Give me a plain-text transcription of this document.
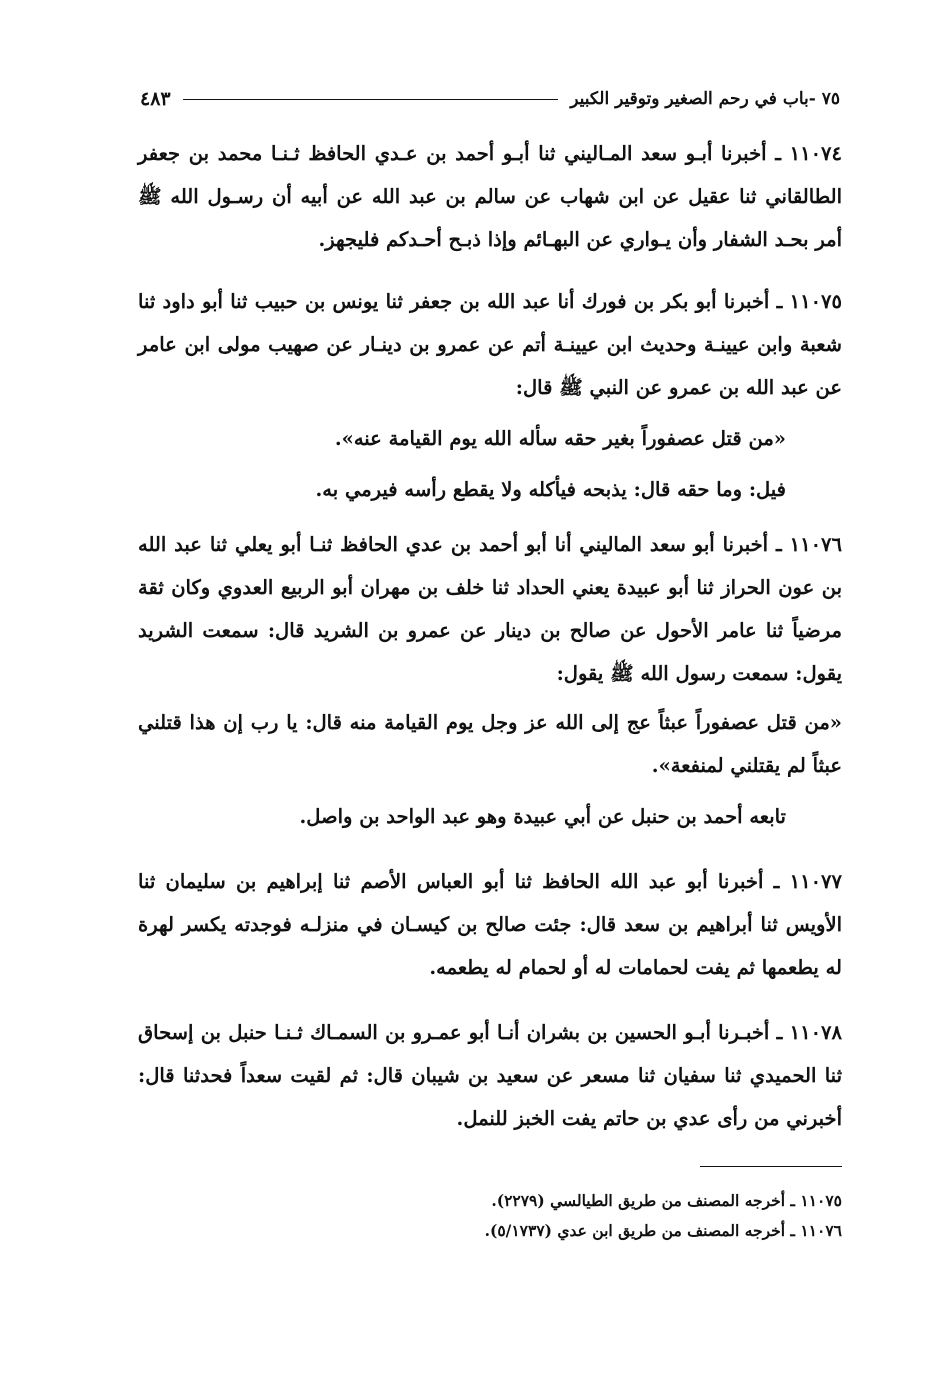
٧٥ -باب في رحم الصغير وتوقير الكبير
٤٨٣

١١٠٧٤ ـ أخبرنا أبـو سعد المـاليني ثنا أبـو أحمد بن عـدي الحافظ ثـنـا محمد بن جعفر الطالقاني ثنا عقيل عن ابن شهاب عن سالم بن عبد الله عن أبيه أن رسـول الله ﷺ أمر بحـد الشفار وأن يـواري عن البهـائم وإذا ذبـح أحـدكم فليجهز.

١١٠٧٥ ـ أخبرنا أبو بكر بن فورك أنا عبد الله بن جعفر ثنا يونس بن حبيب ثنا أبو داود ثنا شعبة وابن عيينـة وحديث ابن عيينـة أتم عن عمرو بن دينـار عن صهيب مولى ابن عامر عن عبد الله بن عمرو عن النبي ﷺ قال:

«من قتل عصفوراً بغير حقه سأله الله يوم القيامة عنه».

فيل: وما حقه قال: يذبحه فيأكله ولا يقطع رأسه فيرمي به.

١١٠٧٦ ـ أخبرنا أبو سعد الماليني أنا أبو أحمد بن عدي الحافظ ثنـا أبو يعلي ثنا عبد الله بن عون الحراز ثنا أبو عبيدة يعني الحداد ثنا خلف بن مهران أبو الربيع العدوي وكان ثقة مرضياً ثنا عامر الأحول عن صالح بن دينار عن عمرو بن الشريد قال: سمعت الشريد يقول: سمعت رسول الله ﷺ يقول:

«من قتل عصفوراً عبثاً عج إلى الله عز وجل يوم القيامة منه قال: يا رب إن هذا قتلني عبثاً لم يقتلني لمنفعة».

تابعه أحمد بن حنبل عن أبي عبيدة وهو عبد الواحد بن واصل.

١١٠٧٧ ـ أخبرنا أبو عبد الله الحافظ ثنا أبو العباس الأصم ثنا إبراهيم بن سليمان ثنا الأويس ثنا أبراهيم بن سعد قال: جئت صالح بن كيسـان في منزلـه فوجدته يكسر لهرة له يطعمها ثم يفت لحمامات له أو لحمام له يطعمه.

١١٠٧٨ ـ أخبـرنا أبـو الحسين بن بشران أنـا أبو عمـرو بن السمـاك ثـنـا حنبل بن إسحاق ثنا الحميدي ثنا سفيان ثنا مسعر عن سعيد بن شيبان قال: ثم لقيت سعداً فحدثنا قال: أخبرني من رأى عدي بن حاتم يفت الخبز للنمل.

١١٠٧٥ ـ أخرجه المصنف من طريق الطيالسي (٢٢٧٩).

١١٠٧٦ ـ أخرجه المصنف من طريق ابن عدي (٥/١٧٣٧).
